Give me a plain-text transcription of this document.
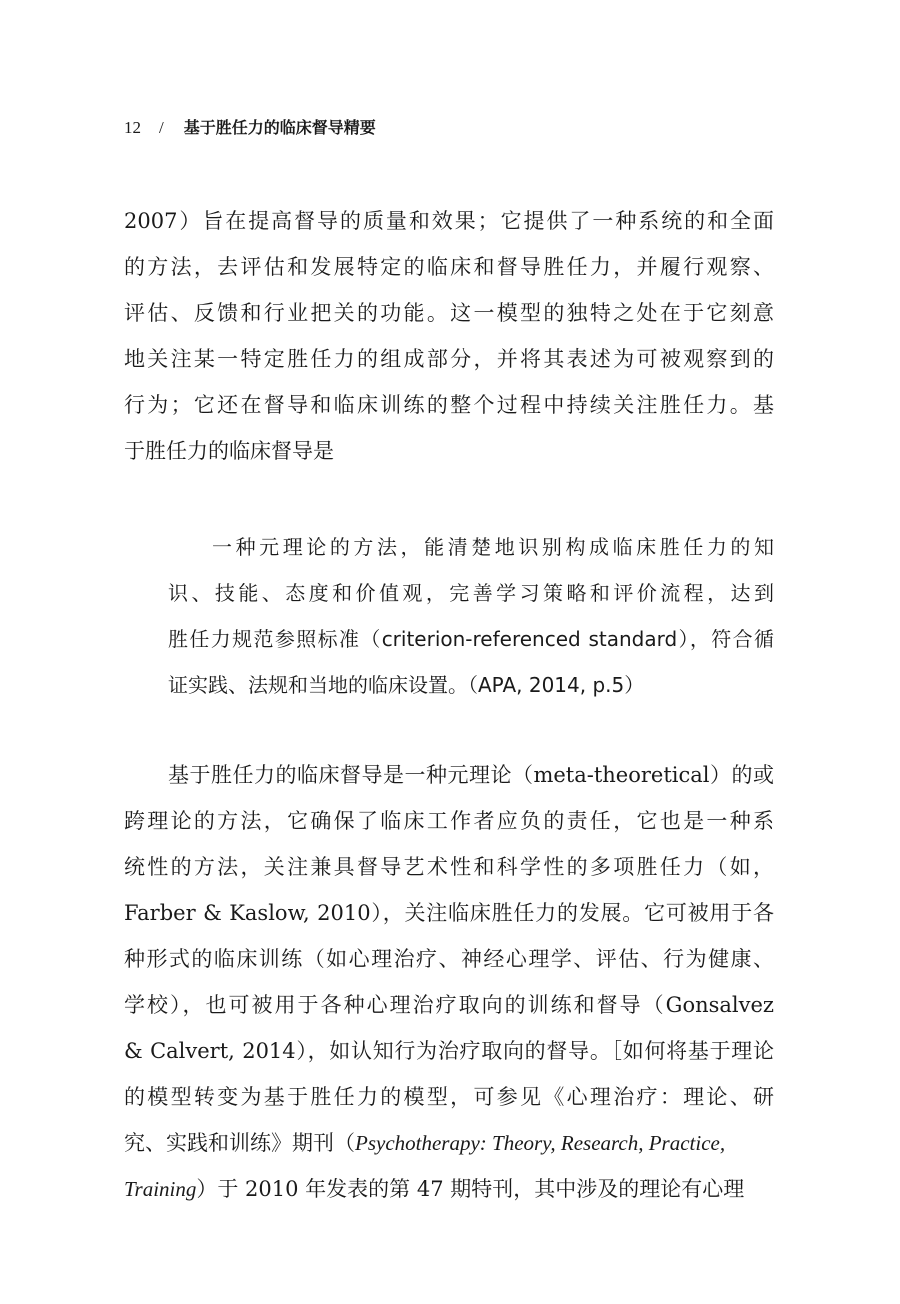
12 / 基于胜任力的临床督导精要
2007）旨在提高督导的质量和效果；它提供了一种系统的和全面
的方法，去评估和发展特定的临床和督导胜任力，并履行观察、
评估、反馈和行业把关的功能。这一模型的独特之处在于它刻意
地关注某一特定胜任力的组成部分，并将其表述为可被观察到的
行为；它还在督导和临床训练的整个过程中持续关注胜任力。基
于胜任力的临床督导是
一种元理论的方法，能清楚地识别构成临床胜任力的知
识、技能、态度和价值观，完善学习策略和评价流程，达到
胜任力规范参照标准（criterion-referenced standard），符合循
证实践、法规和当地的临床设置。（APA, 2014, p.5）
基于胜任力的临床督导是一种元理论（meta-theoretical）的或
跨理论的方法，它确保了临床工作者应负的责任，它也是一种系
统性的方法，关注兼具督导艺术性和科学性的多项胜任力（如，
Farber & Kaslow, 2010），关注临床胜任力的发展。它可被用于各
种形式的临床训练（如心理治疗、神经心理学、评估、行为健康、
学校），也可被用于各种心理治疗取向的训练和督导（Gonsalvez
& Calvert, 2014），如认知行为治疗取向的督导。［如何将基于理论
的模型转变为基于胜任力的模型，可参见《心理治疗：理论、研
究、实践和训练》期刊（Psychotherapy: Theory, Research, Practice,
Training）于 2010 年发表的第 47 期特刊，其中涉及的理论有心理
